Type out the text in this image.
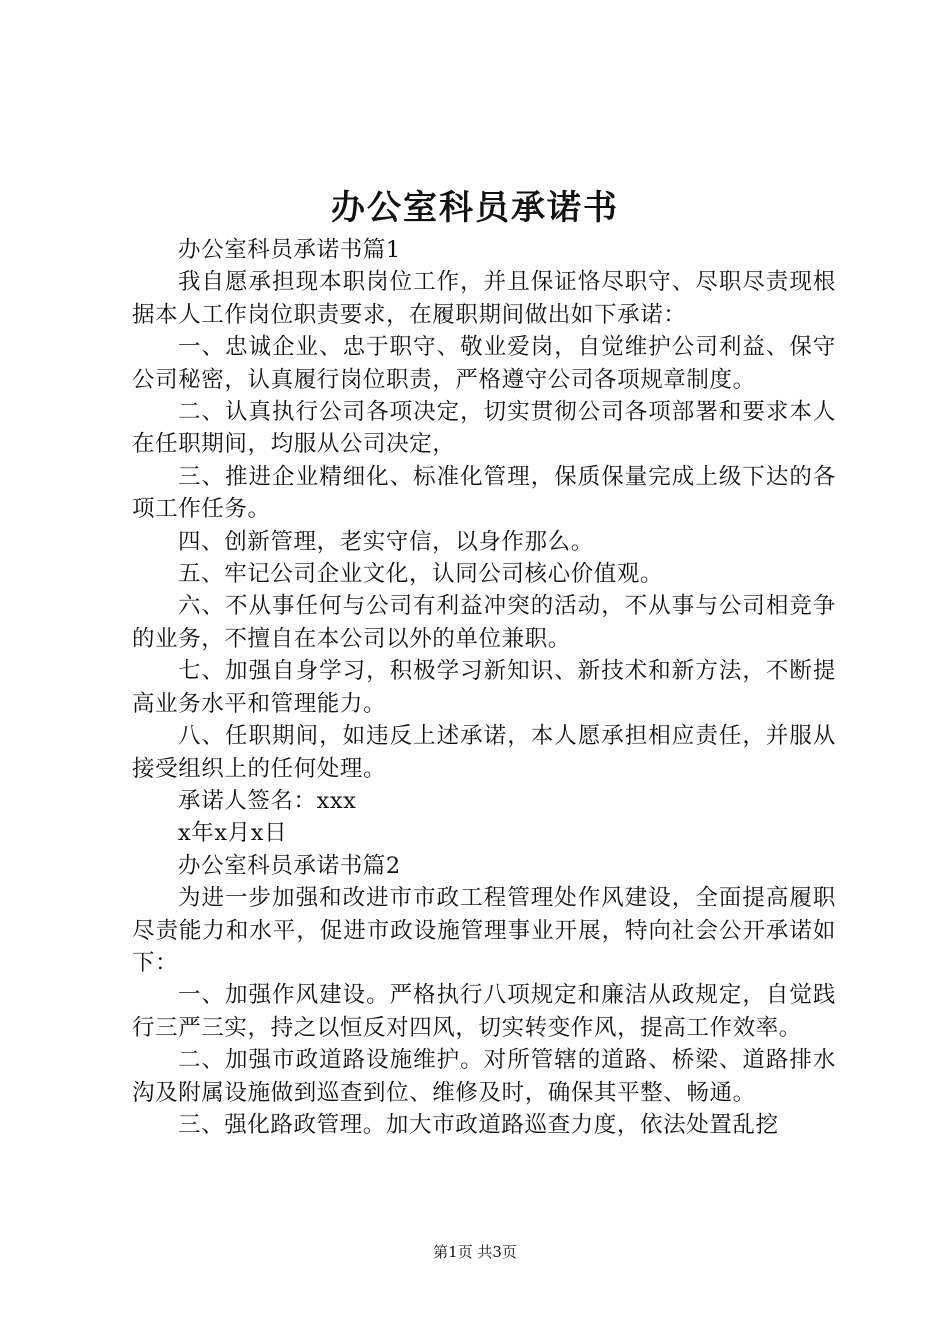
办公室科员承诺书

办公室科员承诺书篇1

我自愿承担现本职岗位工作，并且保证恪尽职守、尽职尽责现根据本人工作岗位职责要求，在履职期间做出如下承诺：

一、忠诚企业、忠于职守、敬业爱岗，自觉维护公司利益、保守公司秘密，认真履行岗位职责，严格遵守公司各项规章制度。

二、认真执行公司各项决定，切实贯彻公司各项部署和要求本人在任职期间，均服从公司决定，

三、推进企业精细化、标准化管理，保质保量完成上级下达的各项工作任务。

四、创新管理，老实守信，以身作那么。

五、牢记公司企业文化，认同公司核心价值观。

六、不从事任何与公司有利益冲突的活动，不从事与公司相竞争的业务，不擅自在本公司以外的单位兼职。

七、加强自身学习，积极学习新知识、新技术和新方法，不断提高业务水平和管理能力。

八、任职期间，如违反上述承诺，本人愿承担相应责任，并服从接受组织上的任何处理。

承诺人签名：xxx

x年x月x日

办公室科员承诺书篇2

为进一步加强和改进市市政工程管理处作风建设，全面提高履职尽责能力和水平，促进市政设施管理事业开展，特向社会公开承诺如下：

一、加强作风建设。严格执行八项规定和廉洁从政规定，自觉践行三严三实，持之以恒反对四风，切实转变作风，提高工作效率。

二、加强市政道路设施维护。对所管辖的道路、桥梁、道路排水沟及附属设施做到巡查到位、维修及时，确保其平整、畅通。

三、强化路政管理。加大市政道路巡查力度，依法处置乱挖

第1页 共3页
